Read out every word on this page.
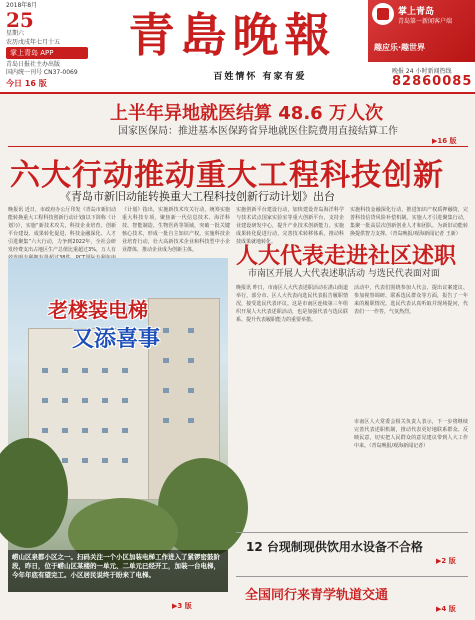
2018年8月
25
星期六
农历戊戌年七月十五
青岛日报社主办出版
国内统一刊号 CN37-0069
今日 16 版
掌上青岛 APP	青島晚報
百姓情怀 有家有爱
掌上青岛
青岛第一新闻客户端
趣应乐·趣世界
晚报 24 小时新闻热线
82860085
上半年异地就医结算 48.6 万人次
国家医保局：推进基本医保跨省异地就医住院费用直接结算工作
▶16 版
六大行动推动重大工程科技创新
《青岛市新旧动能转换重大工程科技创新行动计划》出台
晚报讯 近日，市政府办公厅印发《青岛市新旧动能转换重大工程科技创新行动计划(以下简称《计划》)》，实施“新技术攻关、科技企业培育、创新平台建设、成果转化促进、科技金融深化、人才引进聚集”六大行动，力争到2022年，全社会研发经费支出占地区生产总值比重超过3%，万人有
《计划》指出，实施新技术攻关行动，统筹实施重大科技专项，聚焦新一代信息技术、海洋科技、智能制造、生物医药等领域，突破一批关键核心技术，形成一批自主知识产权。实施科技企业培育行动，壮大高新技术企业和科技型中小企业群体，推动企业成为创新主体。
实施创新平台建设行动，加快建设青岛海洋科学与技术试点国家实验室等重大创新平台，支持企业建设研发中心，提升产业技术创新能力。实施成果转化促进行动，完善技术转移体系，推动科技成果就地转化。
实施科技金融深化行动，推进知识产权质押融资，完善科技信贷风险补偿机制。实施人才引进聚集行动，集聚一批高层次创新创业人才和团队，为新旧动能转换提供智力支撑。（青岛晚报/观海新闻记者 王新）
老楼装电梯
又添喜事
崂山区泉都小区之一。扫码关注一个小区加装电梯工作进入了紧锣密鼓阶段，昨日，位于崂山区某楼的一单元、二单元已经开工，加装一台电梯，今年年底有望完工。小区居民说终于盼来了电梯。
▶3 版
人大代表走进社区述职
市南区开展人大代表述职活动 与选民代表面对面
晚报讯 昨日，市南区人大代表述职活动在湛山街道举行，部分市、区人大代表向选民代表报告履职情况，接受选民代表评议。这是市南区连续第三年组织开展人大代表述职活动，也是加强代表与选民联系、提升代表履职能力的重要举措。
活动中，代表们围绕参加人代会、提出议案建议、参加视察调研、联系选民群众等方面，报告了一年来的履职情况。选民代表认真听取并现场提问，代表们一一作答，气氛热烈。
市南区人大常委会相关负责人表示，下一步将继续完善代表述职机制，推动代表更好地联系群众、反映民意，切实把人民群众的意见建议带到人大工作中来。（青岛晚报/观海新闻记者）
12 台现制现供饮用水设备不合格
▶2 版
全国同行来青学轨道交通
▶4 版
